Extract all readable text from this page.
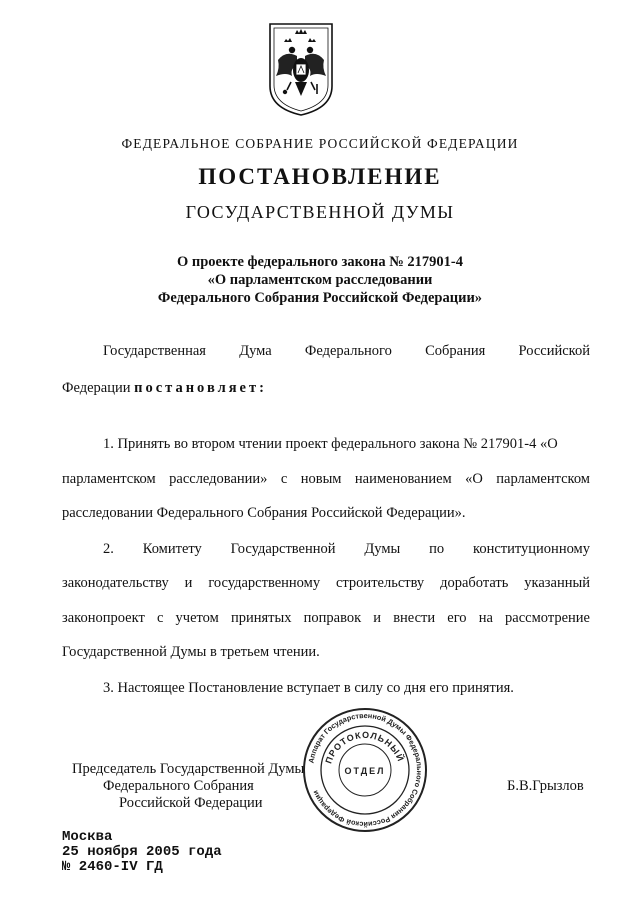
ФЕДЕРАЛЬНОЕ СОБРАНИЕ РОССИЙСКОЙ ФЕДЕРАЦИИ
ПОСТАНОВЛЕНИЕ
ГОСУДАРСТВЕННОЙ ДУМЫ
О проекте федерального закона № 217901-4
«О парламентском расследовании
Федерального Собрания Российской Федерации»
Государственная Дума Федерального Собрания Российской
Федерации постановляет:
1. Принять во втором чтении проект федерального закона № 217901-4 «О
парламентском расследовании» с новым наименованием «О парламентском
расследовании Федерального Собрания Российской Федерации».
2. Комитету Государственной Думы по конституционному
законодательству и государственному строительству доработать указанный
законопроект с учетом принятых поправок и внести его на рассмотрение
Государственной Думы в третьем чтении.
3. Настоящее Постановление вступает в силу со дня его принятия.
Председатель Государственной Думы
Федерального Собрания
Российской Федерации
Б.В.Грызлов
Аппарат Государственной Думы Федерального Собрания Российской Федерации
ПРОТОКОЛЬНЫЙ
ОТДЕЛ
Москва
25 ноября 2005 года
№ 2460-IV ГД
